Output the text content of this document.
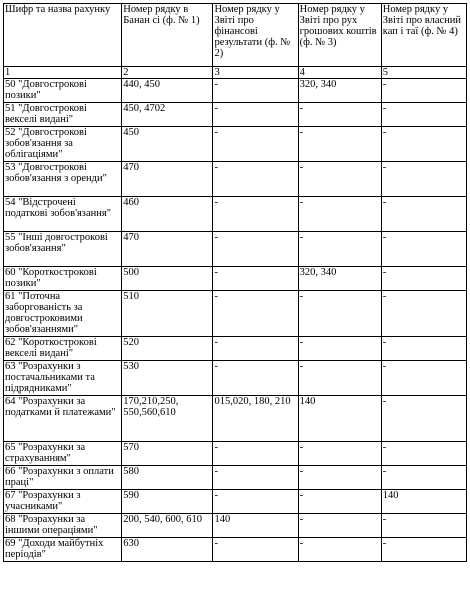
Шифр та назва рахунку	Номер рядку в Банан сі (ф. № 1)	Номер рядку у Звіті про фінансові результати (ф. № 2)	Номер рядку у Звіті про рух грошових коштів (ф. № 3)	Номер рядку у Звіті про власний кап і таї (ф. № 4)
1	2	3	4	5
50 "Довгострокові позики"	440, 450	-	320, 340	-
51 "Довгострокові векселі видані"	450, 4702	-	-	-
52 "Довгострокові зобов'язання за облігаціями"	450	-	-	-
53 "Довгострокові зобов'язання з оренди"	470	-	-	-
54 "Відстрочені податкові зобов'язання"	460	-	-	-
55 "Інші довгострокові зобов'язання"	470	-	-	-
60 "Короткострокові позики"	500	-	320, 340	-
61 "Поточна заборгованість за довгостроковими зобов'язаннями"	510	-	-	-
62 "Короткострокові векселі видані"	520	-	-	-
63 "Розрахунки з постачальниками та підрядниками"	530	-	-	-
64 "Розрахунки за податками й платежами"	170,210,250, 550,560,610	015,020, 180, 210	140	-
65 "Розрахунки за страхуванням"	570	-	-	-
66 "Розрахунки з оплати праці"	580	-	-	-
67 "Розрахунки з учасниками"	590	-	-	140
68 "Розрахунки за іншими операціями"	200, 540, 600, 610	140	-	-
69 "Доходи майбутніх періодів"	630	-	-	-
